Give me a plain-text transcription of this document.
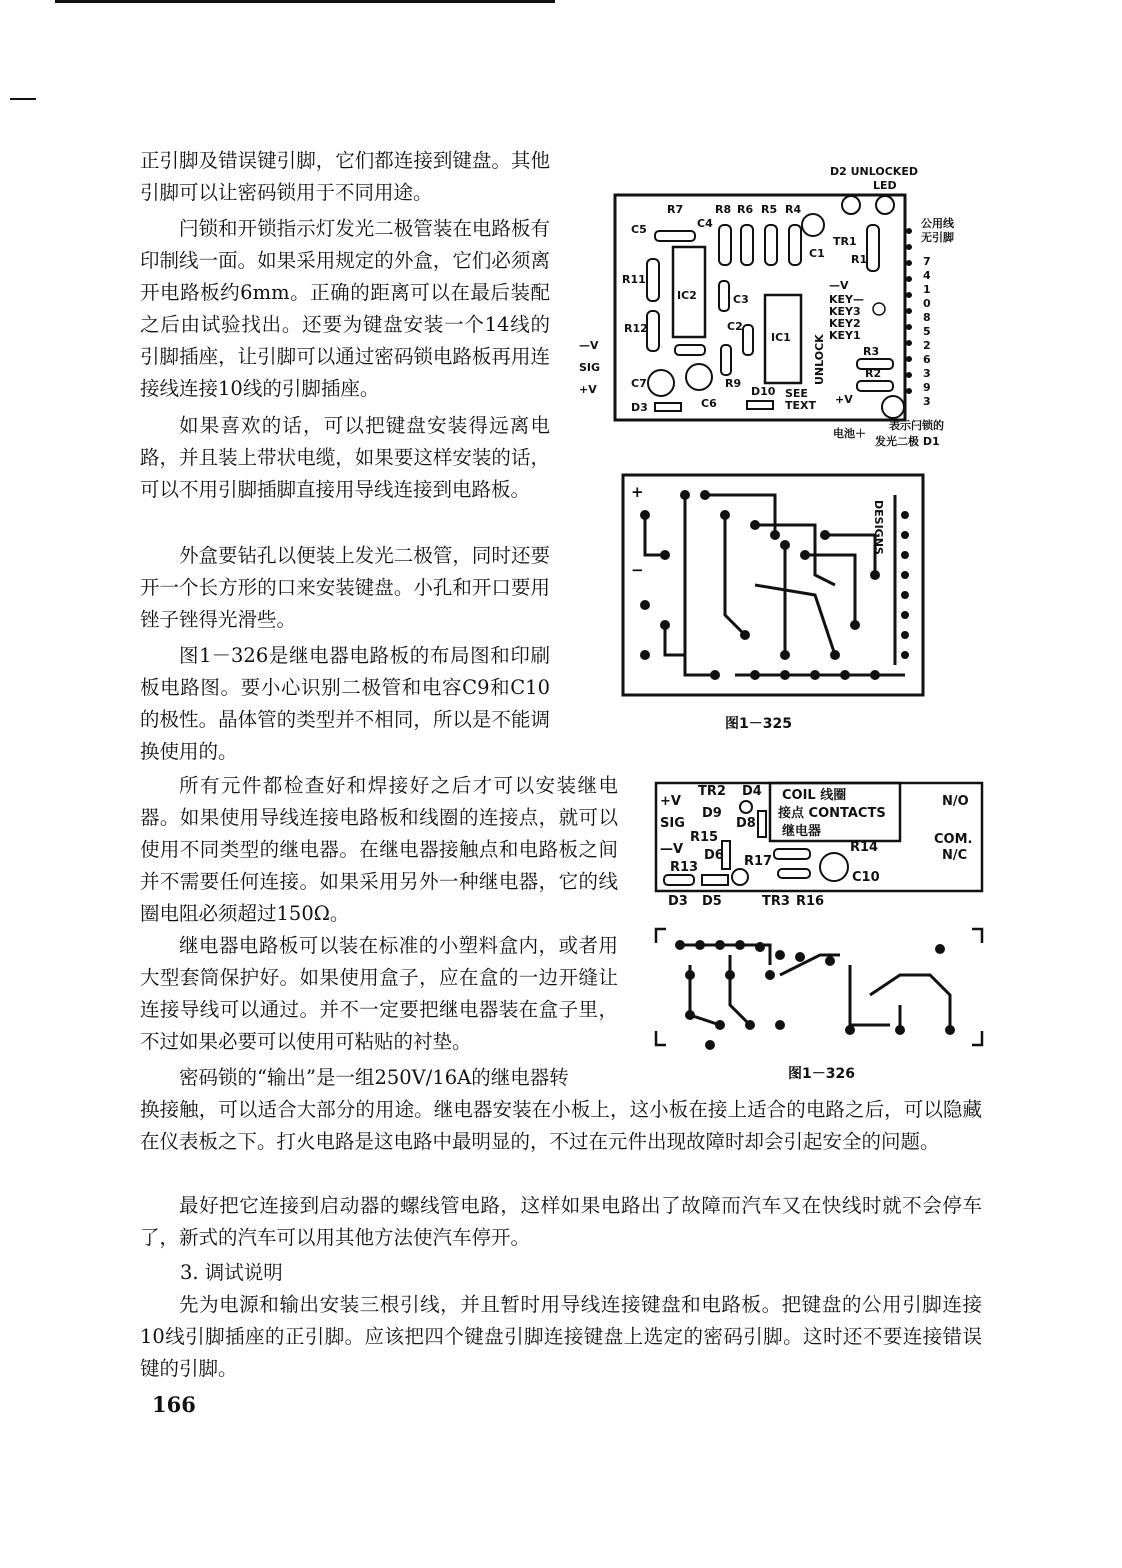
正引脚及错误键引脚，它们都连接到键盘。其他引脚可以让密码锁用于不同用途。

闩锁和开锁指示灯发光二极管装在电路板有印制线一面。如果采用规定的外盒，它们必须离开电路板约6mm。正确的距离可以在最后装配之后由试验找出。还要为键盘安装一个14线的引脚插座，让引脚可以通过密码锁电路板再用连接线连接10线的引脚插座。

如果喜欢的话，可以把键盘安装得远离电路，并且装上带状电缆，如果要这样安装的话，可以不用引脚插脚直接用导线连接到电路板。

外盒要钻孔以便装上发光二极管，同时还要开一个长方形的口来安装键盘。小孔和开口要用锉子锉得光滑些。

图1－326是继电器电路板的布局图和印刷板电路图。要小心识别二极管和电容C9和C10的极性。晶体管的类型并不相同，所以是不能调换使用的。

所有元件都检查好和焊接好之后才可以安装继电器。如果使用导线连接电路板和线圈的连接点，就可以使用不同类型的继电器。在继电器接触点和电路板之间并不需要任何连接。如果采用另外一种继电器，它的线圈电阻必须超过150Ω。

继电器电路板可以装在标准的小塑料盒内，或者用大型套筒保护好。如果使用盒子，应在盒的一边开缝让连接导线可以通过。并不一定要把继电器装在盒子里，不过如果必要可以使用可粘贴的衬垫。

密码锁的“输出”是一组250V/16A的继电器转

换接触，可以适合大部分的用途。继电器安装在小板上，这小板在接上适合的电路之后，可以隐藏在仪表板之下。打火电路是这电路中最明显的，不过在元件出现故障时却会引起安全的问题。

最好把它连接到启动器的螺线管电路，这样如果电路出了故障而汽车又在快线时就不会停车了，新式的汽车可以用其他方法使汽车停开。

3. 调试说明

先为电源和输出安装三根引线，并且暂时用导线连接键盘和电路板。把键盘的公用引脚连接10线引脚插座的正引脚。应该把四个键盘引脚连接键盘上选定的密码引脚。这时还不要连接错误键的引脚。

166
D2 UNLOCKED
LED
公用线
无引脚
R7	R8 R6 R5 R4
C5	C4
C1
TR1
R1
R11
IC2	C3
C2
IC1 UNLOCK
R12
—V
KEY—
KEY3
KEY2
KEY1
R3
R2
+V
C7
C6
R9
D10 SEE
TEXT
D3
—V
SIG
+V
7
4
1
0
8
5
2
6
3
9
3
电池＋
表示闩锁的
发光二极 D1
+
−
DESIGNS
图1－325
+V
TR2 D4
D9
SIG	D8
R15
—V D6 R17
R13
R14
C10
D3 D5	TR3 R16
COIL 线圈
接点 CONTACTS
继电器
N/O
COM.
N/C
图1－326
